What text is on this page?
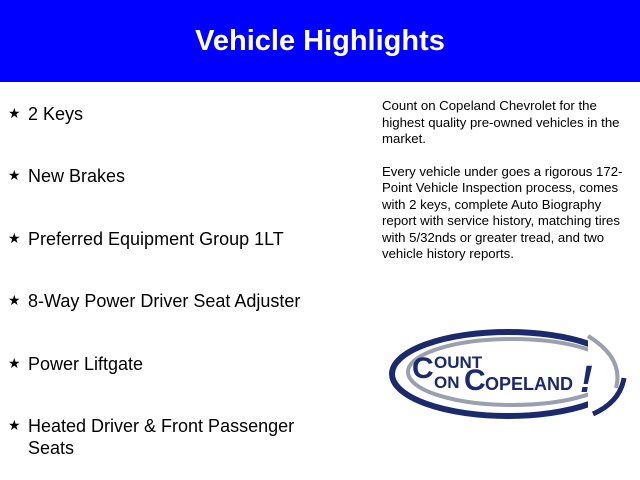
Vehicle Highlights
★ 2 Keys
★ New Brakes
★ Preferred Equipment Group 1LT
★ 8-Way Power Driver Seat Adjuster
★ Power Liftgate
★ Heated Driver & Front Passenger Seats

Count on Copeland Chevrolet for the highest quality pre-owned vehicles in the market.

Every vehicle under goes a rigorous 172-Point Vehicle Inspection process, comes with 2 keys, complete Auto Biography report with service history, matching tires with 5/32nds or greater tread, and two vehicle history reports.

C OUNT
ON C OPELAND !
